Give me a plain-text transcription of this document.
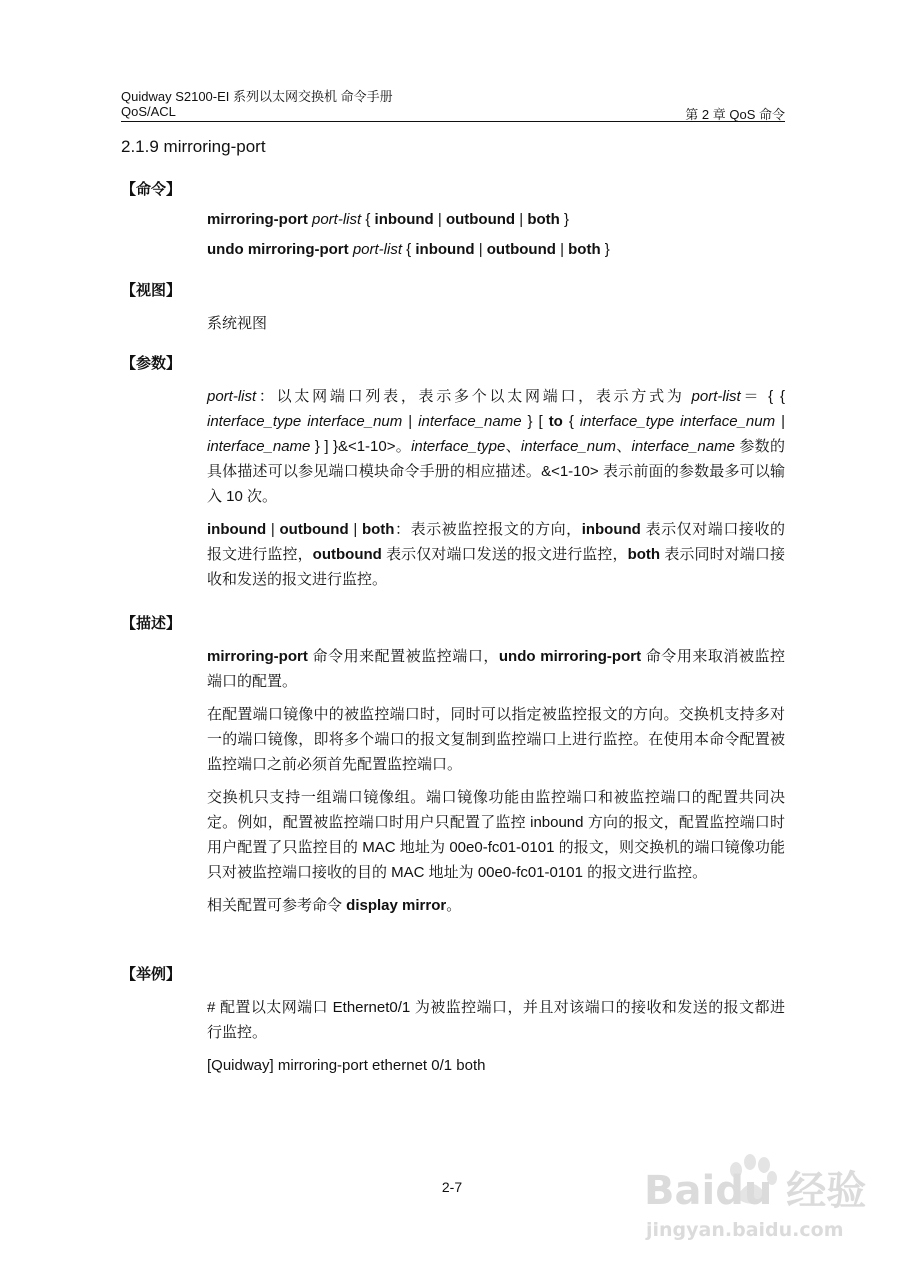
Quidway S2100-EI 系列以太网交换机 命令手册
QoS/ACL	第 2 章 QoS 命令
2.1.9 mirroring-port
【命令】
mirroring-port port-list { inbound | outbound | both }
undo mirroring-port port-list { inbound | outbound | both }
【视图】
系统视图
【参数】

port-list：以太网端口列表，表示多个以太网端口，表示方式为 port-list＝ { { interface_type interface_num | interface_name } [ to { interface_type interface_num | interface_name } ] }&<1-10>。interface_type、interface_num、interface_name 参数的具体描述可以参见端口模块命令手册的相应描述。&<1-10> 表示前面的参数最多可以输入 10 次。

inbound | outbound | both：表示被监控报文的方向，inbound 表示仅对端口接收的报文进行监控，outbound 表示仅对端口发送的报文进行监控，both 表示同时对端口接收和发送的报文进行监控。

【描述】

mirroring-port 命令用来配置被监控端口，undo mirroring-port 命令用来取消被监控端口的配置。

在配置端口镜像中的被监控端口时，同时可以指定被监控报文的方向。交换机支持多对一的端口镜像，即将多个端口的报文复制到监控端口上进行监控。在使用本命令配置被监控端口之前必须首先配置监控端口。

交换机只支持一组端口镜像组。端口镜像功能由监控端口和被监控端口的配置共同决定。例如，配置被监控端口时用户只配置了监控 inbound 方向的报文，配置监控端口时用户配置了只监控目的 MAC 地址为 00e0-fc01-0101 的报文，则交换机的端口镜像功能只对被监控端口接收的目的 MAC 地址为 00e0-fc01-0101 的报文进行监控。

相关配置可参考命令 display mirror。

【举例】

# 配置以太网端口 Ethernet0/1 为被监控端口，并且对该端口的接收和发送的报文都进行监控。

[Quidway] mirroring-port ethernet 0/1 both

2-7	Baidu 经验
jingyan.baidu.com
